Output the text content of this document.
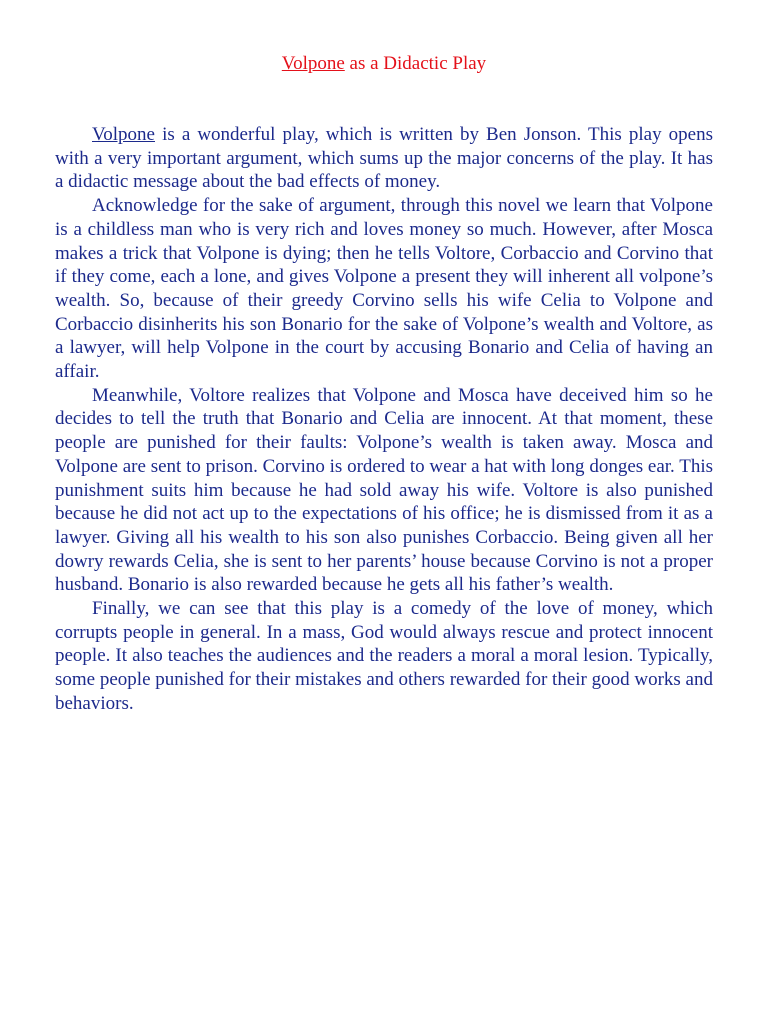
Volpone as a Didactic Play

Volpone is a wonderful play, which is written by Ben Jonson. This play opens with a very important argument, which sums up the major concerns of the play. It has a didactic message about the bad effects of money.

Acknowledge for the sake of argument, through this novel we learn that Volpone is a childless man who is very rich and loves money so much. However, after Mosca makes a trick that Volpone is dying; then he tells Voltore, Corbaccio and Corvino that if they come, each a lone, and gives Volpone a present they will inherent all volpone’s wealth. So, because of their greedy Corvino sells his wife Celia to Volpone and Corbaccio disinherits his son Bonario for the sake of Volpone’s wealth and Voltore, as a lawyer, will help Volpone in the court by accusing Bonario and Celia of having an affair.

Meanwhile, Voltore realizes that Volpone and Mosca have deceived him so he decides to tell the truth that Bonario and Celia are innocent. At that moment, these people are punished for their faults: Volpone’s wealth is taken away. Mosca and Volpone are sent to prison. Corvino is ordered to wear a hat with long donges ear. This punishment suits him because he had sold away his wife. Voltore is also punished because he did not act up to the expectations of his office; he is dismissed from it as a lawyer. Giving all his wealth to his son also punishes Corbaccio. Being given all her dowry rewards Celia, she is sent to her parents’ house because Corvino is not a proper husband. Bonario is also rewarded because he gets all his father’s wealth.

Finally, we can see that this play is a comedy of the love of money, which corrupts people in general. In a mass, God would always rescue and protect innocent people. It also teaches the audiences and the readers a moral a moral lesion. Typically, some people punished for their mistakes and others rewarded for their good works and behaviors.
